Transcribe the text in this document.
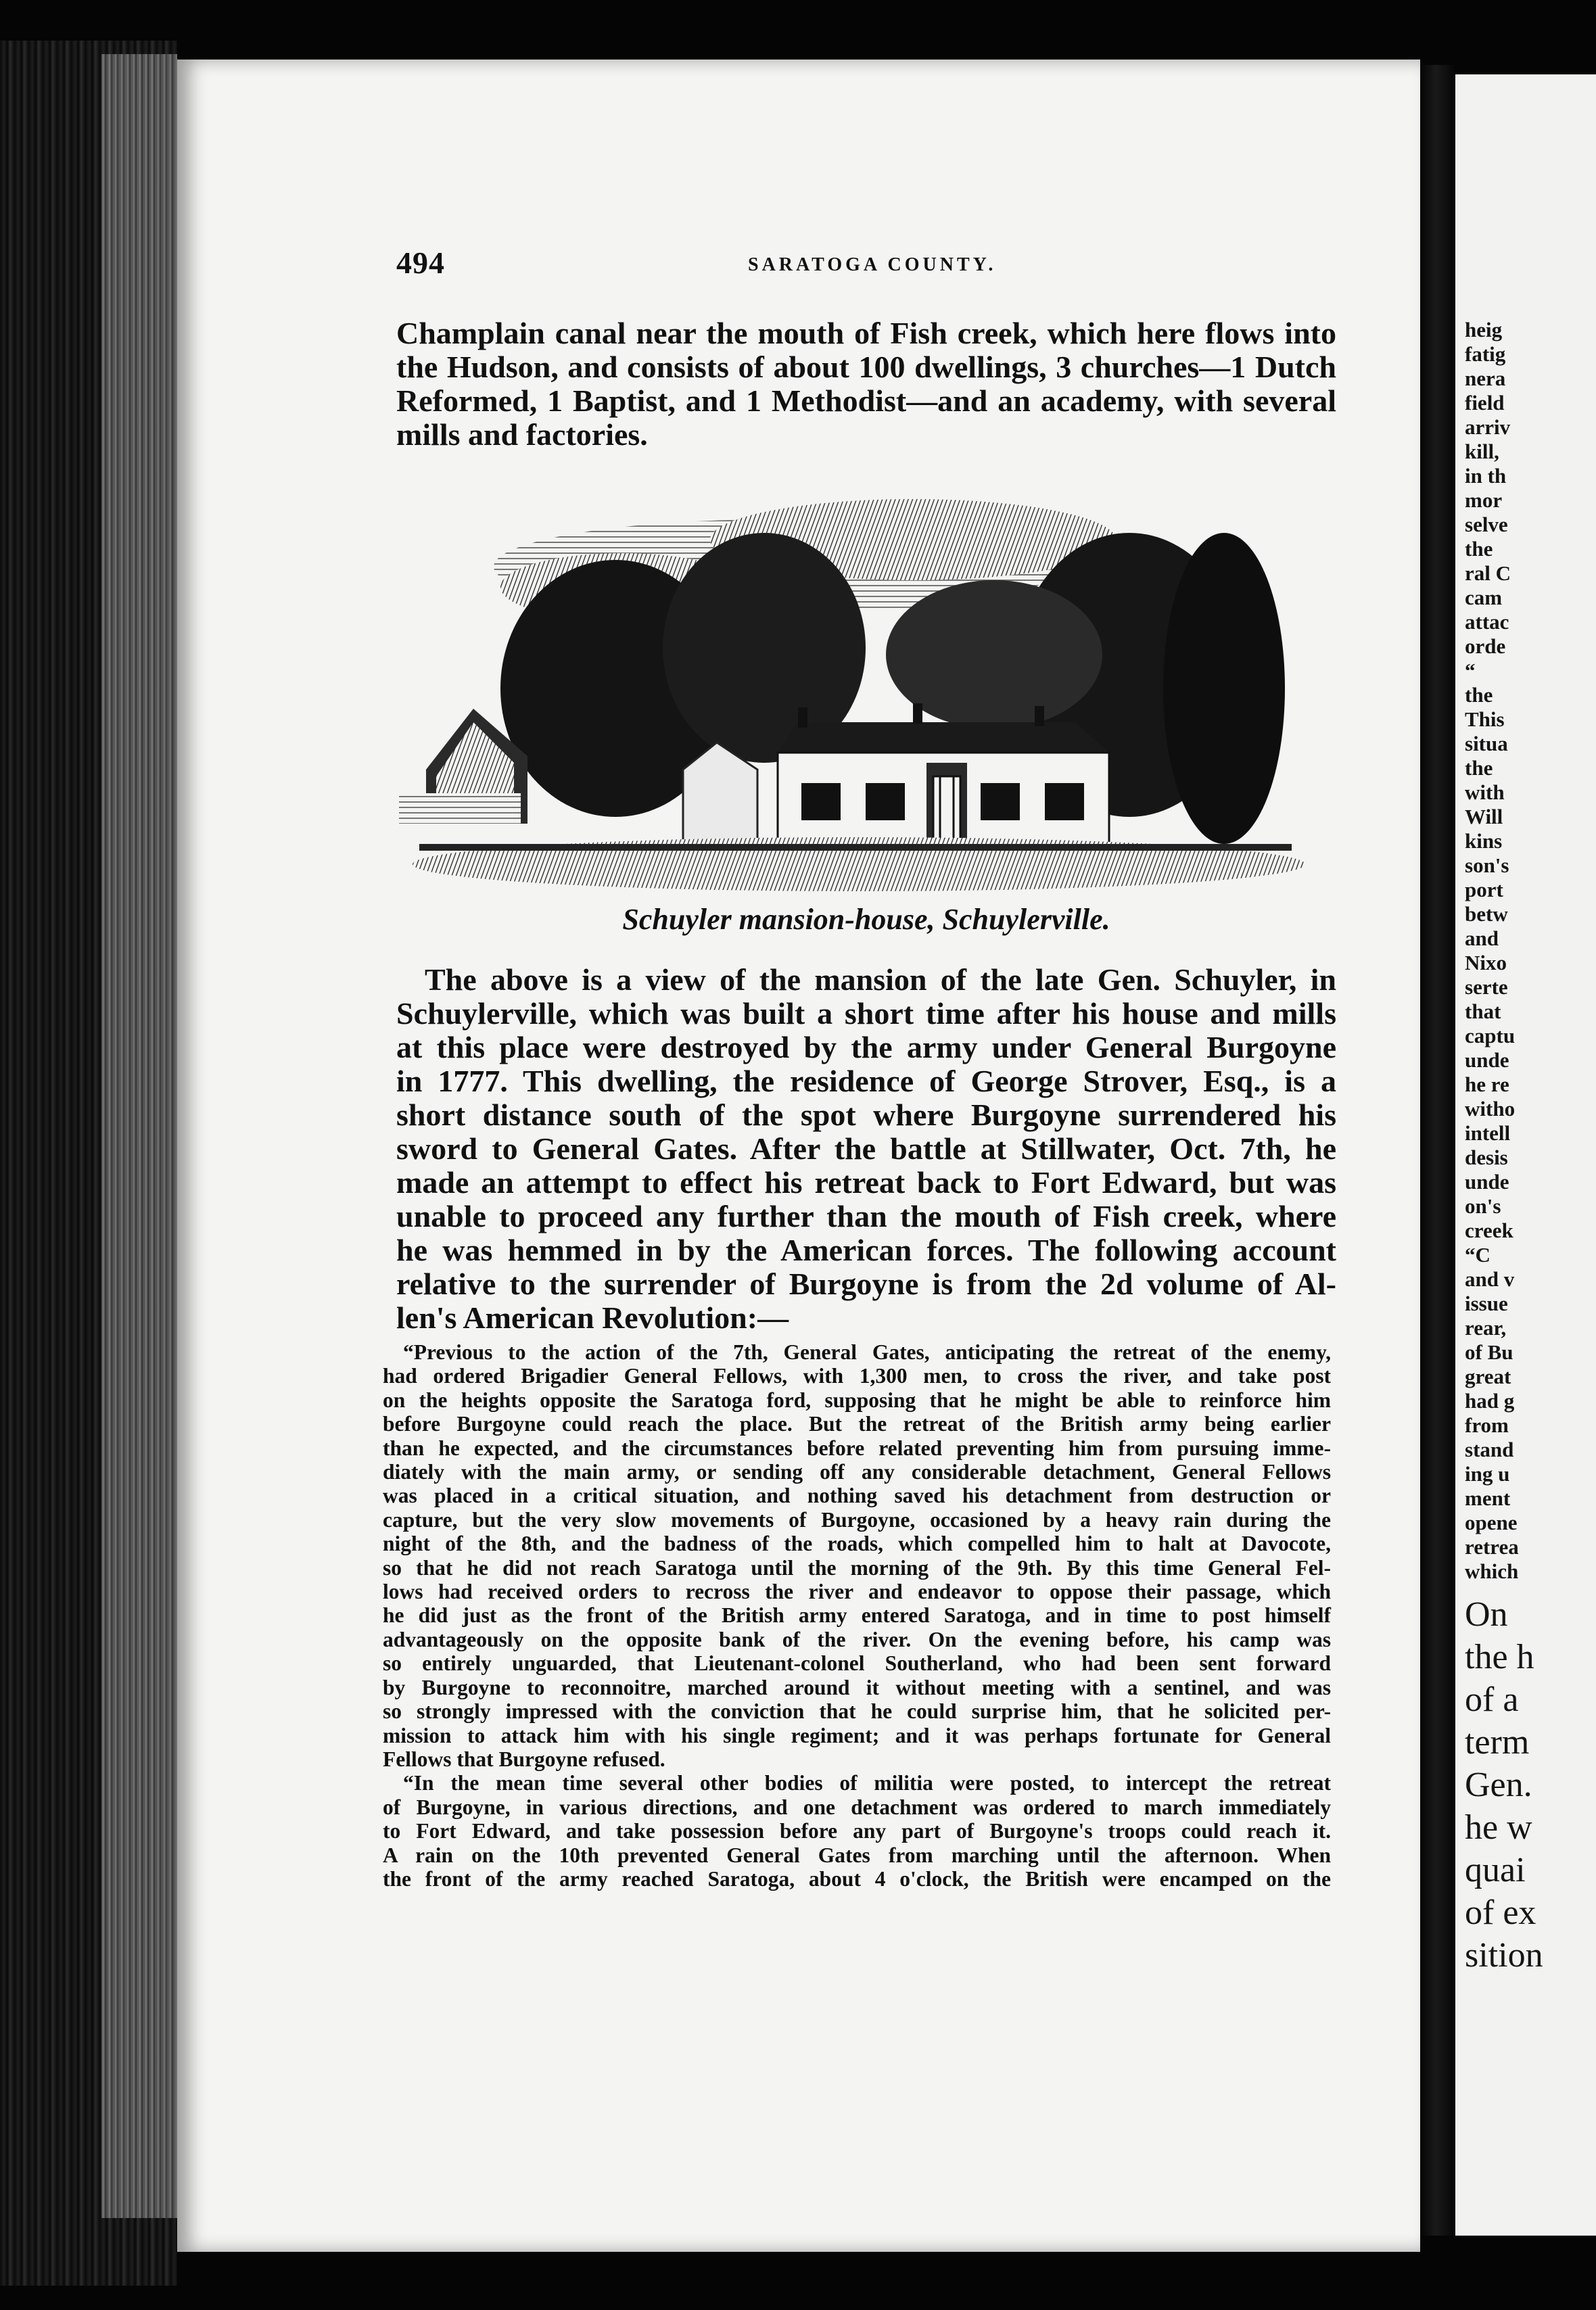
494	SARATOGA COUNTY.
Champlain canal near the mouth of Fish creek, which here flows into
the Hudson, and consists of about 100 dwellings, 3 churches—1 Dutch
Reformed, 1 Baptist, and 1 Methodist—and an academy, with several
mills and factories.
Schuyler mansion-house, Schuylerville.
The above is a view of the mansion of the late Gen. Schuyler, in
Schuylerville, which was built a short time after his house and mills
at this place were destroyed by the army under General Burgoyne
in 1777. This dwelling, the residence of George Strover, Esq., is a
short distance south of the spot where Burgoyne surrendered his
sword to General Gates. After the battle at Stillwater, Oct. 7th, he
made an attempt to effect his retreat back to Fort Edward, but was
unable to proceed any further than the mouth of Fish creek, where
he was hemmed in by the American forces. The following account
relative to the surrender of Burgoyne is from the 2d volume of Al-
len's American Revolution:—
“Previous to the action of the 7th, General Gates, anticipating the retreat of the enemy,
had ordered Brigadier General Fellows, with 1,300 men, to cross the river, and take post
on the heights opposite the Saratoga ford, supposing that he might be able to reinforce him
before Burgoyne could reach the place. But the retreat of the British army being earlier
than he expected, and the circumstances before related preventing him from pursuing imme-
diately with the main army, or sending off any considerable detachment, General Fellows
was placed in a critical situation, and nothing saved his detachment from destruction or
capture, but the very slow movements of Burgoyne, occasioned by a heavy rain during the
night of the 8th, and the badness of the roads, which compelled him to halt at Davocote,
so that he did not reach Saratoga until the morning of the 9th. By this time General Fel-
lows had received orders to recross the river and endeavor to oppose their passage, which
he did just as the front of the British army entered Saratoga, and in time to post himself
advantageously on the opposite bank of the river. On the evening before, his camp was
so entirely unguarded, that Lieutenant-colonel Southerland, who had been sent forward
by Burgoyne to reconnoitre, marched around it without meeting with a sentinel, and was
so strongly impressed with the conviction that he could surprise him, that he solicited per-
mission to attack him with his single regiment; and it was perhaps fortunate for General
Fellows that Burgoyne refused.
“In the mean time several other bodies of militia were posted, to intercept the retreat
of Burgoyne, in various directions, and one detachment was ordered to march immediately
to Fort Edward, and take possession before any part of Burgoyne's troops could reach it.
A rain on the 10th prevented General Gates from marching until the afternoon. When
the front of the army reached Saratoga, about 4 o'clock, the British were encamped on the
heig
fatig
nera
field
arriv
kill,
in th
mor
selve
the
ral C
cam
attac
orde
“
the
This
situa
the
with
Will
kins
son's
port
betw
and
Nixo
serte
that
captu
unde
he re
witho
intell
desis
unde
on's
creek
“C
and v
issue
rear,
of Bu
great
had g
from
stand
ing u
ment
opene
retrea
which
On
the h
of a
term
Gen.
he w
quai
of ex
sition
